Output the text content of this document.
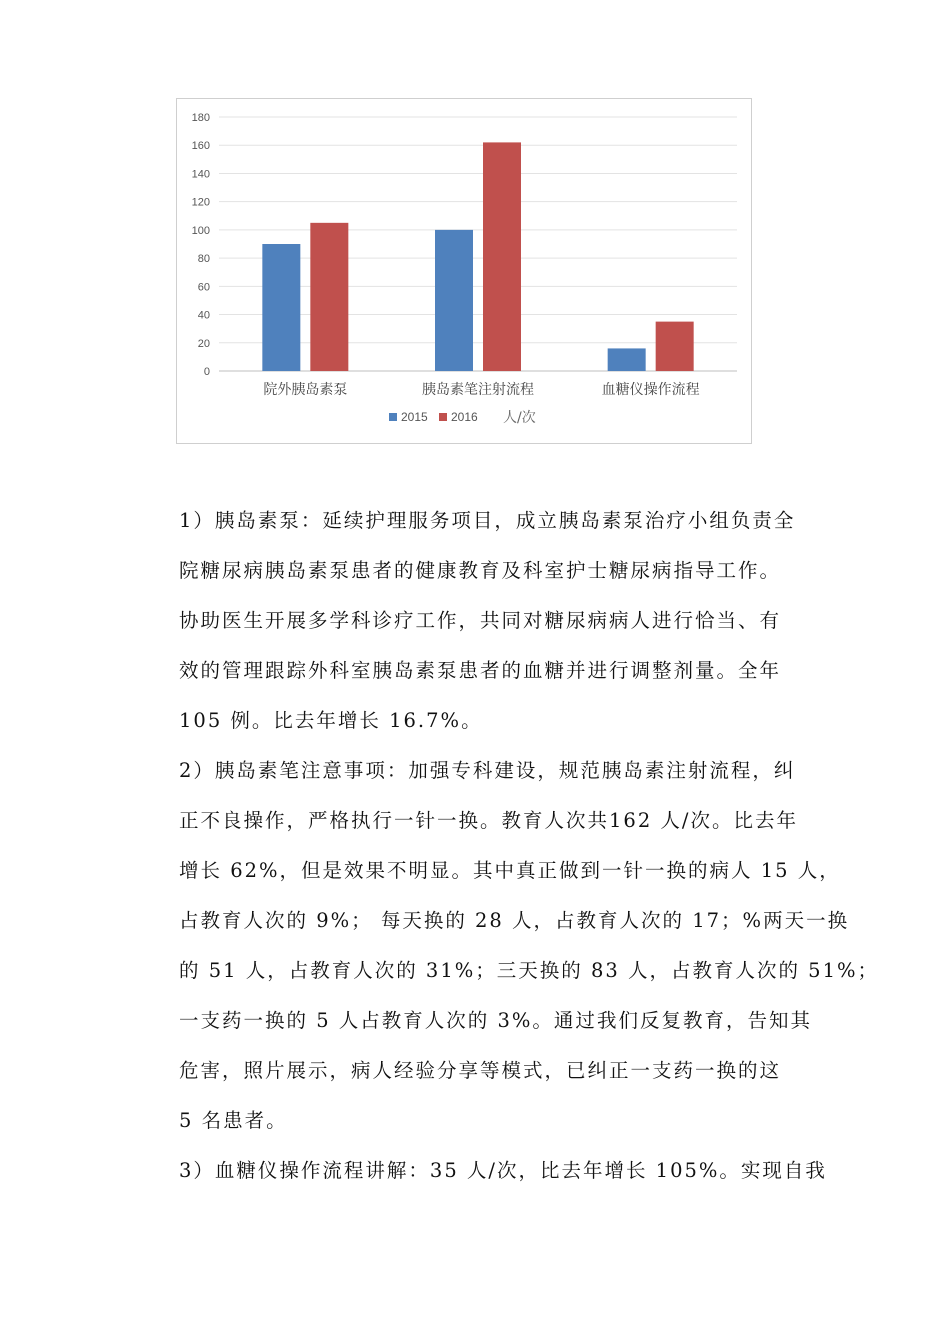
0
20
40
60
80
100
120
140
160
180
院外胰岛素泵	胰岛素笔注射流程	血糖仪操作流程
2015 2016 人/次
1）胰岛素泵：延续护理服务项目，成立胰岛素泵治疗小组负责全
院糖尿病胰岛素泵患者的健康教育及科室护士糖尿病指导工作。
协助医生开展多学科诊疗工作，共同对糖尿病病人进行恰当、有
效的管理跟踪外科室胰岛素泵患者的血糖并进行调整剂量。全年
105 例。比去年增长 16.7%。
2）胰岛素笔注意事项：加强专科建设，规范胰岛素注射流程，纠
正不良操作，严格执行一针一换。教育人次共162 人/次。比去年
增长 62%，但是效果不明显。其中真正做到一针一换的病人 15 人，
占教育人次的 9%； 每天换的 28 人，占教育人次的 17；%两天一换
的 51 人，占教育人次的 31%；三天换的 83 人，占教育人次的 51%；
一支药一换的 5 人占教育人次的 3%。通过我们反复教育，告知其
危害，照片展示，病人经验分享等模式，已纠正一支药一换的这
5 名患者。
3）血糖仪操作流程讲解：35 人/次，比去年增长 105%。实现自我
